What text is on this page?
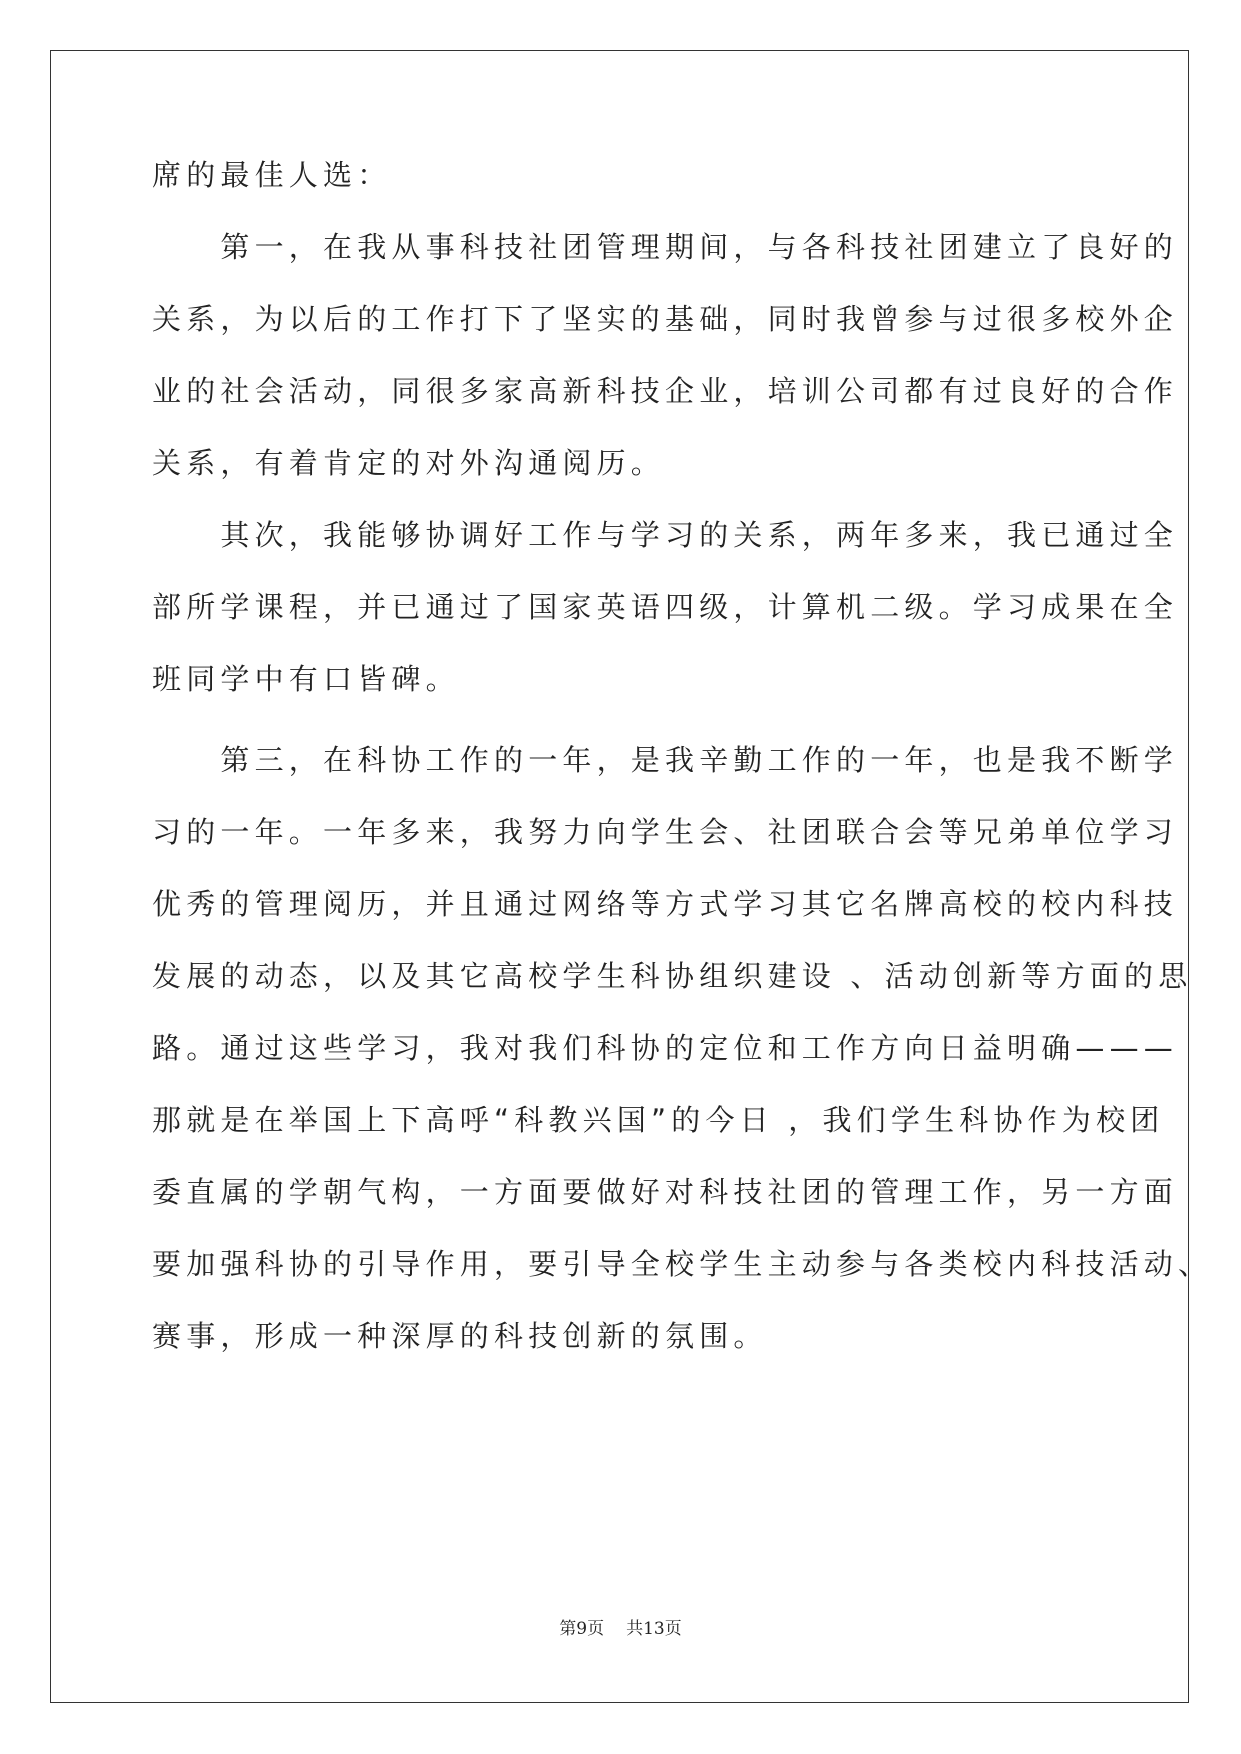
席的最佳人选：

　　第一，在我从事科技社团管理期间，与各科技社团建立了良好的

关系，为以后的工作打下了坚实的基础，同时我曾参与过很多校外企

业的社会活动，同很多家高新科技企业，培训公司都有过良好的合作

关系，有着肯定的对外沟通阅历。

　　其次，我能够协调好工作与学习的关系，两年多来，我已通过全

部所学课程，并已通过了国家英语四级，计算机二级。学习成果在全

班同学中有口皆碑。

　　第三，在科协工作的一年，是我辛勤工作的一年，也是我不断学

习的一年。一年多来，我努力向学生会、社团联合会等兄弟单位学习

优秀的管理阅历，并且通过网络等方式学习其它名牌高校的校内科技

发展的动态，以及其它高校学生科协组织建设 、活动创新等方面的思

路。通过这些学习，我对我们科协的定位和工作方向日益明确———

那就是在举国上下高呼“科教兴国”的今日 ，我们学生科协作为校团

委直属的学朝气构，一方面要做好对科技社团的管理工作，另一方面

要加强科协的引导作用，要引导全校学生主动参与各类校内科技活动、

赛事，形成一种深厚的科技创新的氛围。

第9页 共13页
